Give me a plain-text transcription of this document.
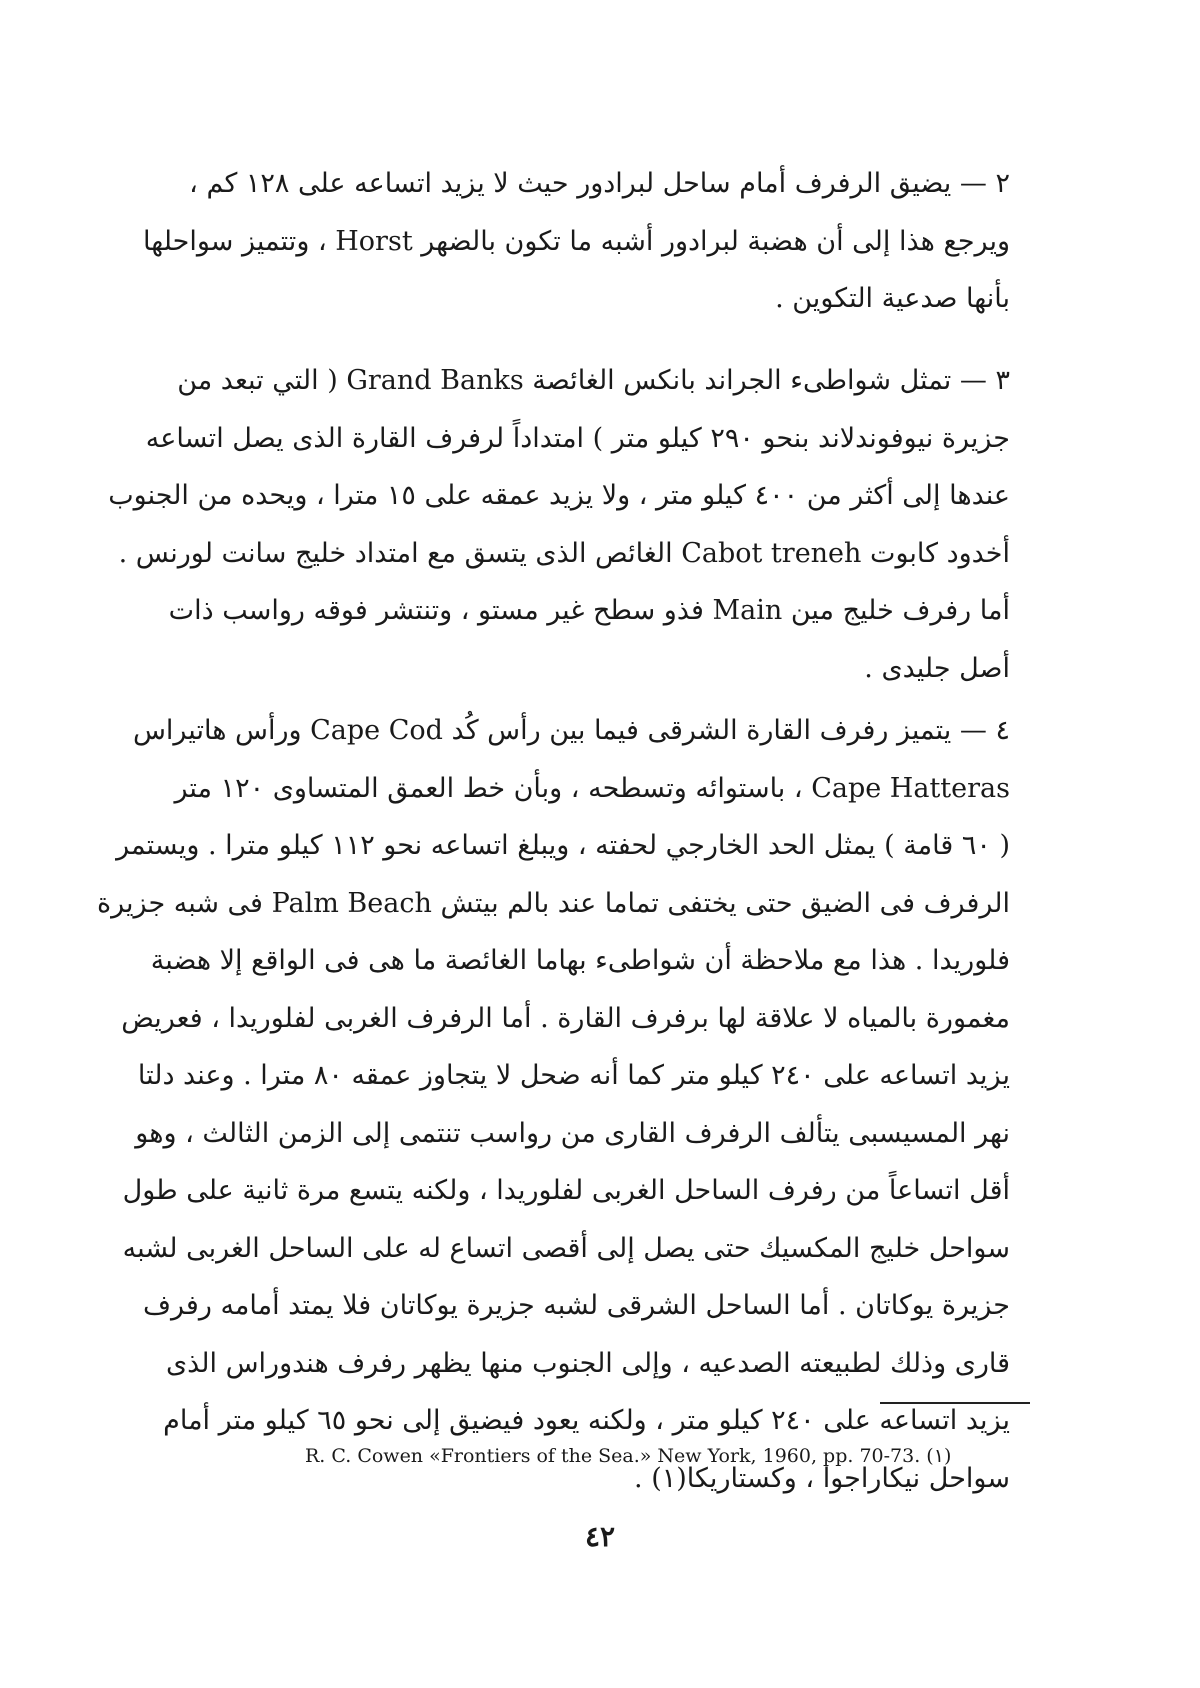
٢ — يضيق الرفرف أمام ساحل لبرادور حيث لا يزيد اتساعه على ١٢٨ كم ،
ويرجع هذا إلى أن هضبة لبرادور أشبه ما تكون بالضهر Horst ، وتتميز سواحلها
بأنها صدعية التكوين .
٣ — تمثل شواطىء الجراند بانكس الغائصة Grand Banks ( التي تبعد من
جزيرة نيوفوندلاند بنحو ٢٩٠ كيلو متر ) امتداداً لرفرف القارة الذى يصل اتساعه
عندها إلى أكثر من ٤٠٠ كيلو متر ، ولا يزيد عمقه على ١٥ مترا ، ويحده من الجنوب
أخدود كابوت Cabot treneh الغائص الذى يتسق مع امتداد خليج سانت لورنس .
أما رفرف خليج مين Main فذو سطح غير مستو ، وتنتشر فوقه رواسب ذات
أصل جليدى .
٤ — يتميز رفرف القارة الشرقى فيما بين رأس كُد Cape Cod ورأس هاتيراس
Cape Hatteras ، باستوائه وتسطحه ، وبأن خط العمق المتساوى ١٢٠ متر
( ٦٠ قامة ) يمثل الحد الخارجي لحفته ، ويبلغ اتساعه نحو ١١٢ كيلو مترا . ويستمر
الرفرف فى الضيق حتى يختفى تماما عند بالم بيتش Palm Beach فى شبه جزيرة
فلوريدا . هذا مع ملاحظة أن شواطىء بهاما الغائصة ما هى فى الواقع إلا هضبة
مغمورة بالمياه لا علاقة لها برفرف القارة . أما الرفرف الغربى لفلوريدا ، فعريض
يزيد اتساعه على ٢٤٠ كيلو متر كما أنه ضحل لا يتجاوز عمقه ٨٠ مترا . وعند دلتا
نهر المسيسبى يتألف الرفرف القارى من رواسب تنتمى إلى الزمن الثالث ، وهو
أقل اتساعاً من رفرف الساحل الغربى لفلوريدا ، ولكنه يتسع مرة ثانية على طول
سواحل خليج المكسيك حتى يصل إلى أقصى اتساع له على الساحل الغربى لشبه
جزيرة يوكاتان . أما الساحل الشرقى لشبه جزيرة يوكاتان فلا يمتد أمامه رفرف
قارى وذلك لطبيعته الصدعيه ، وإلى الجنوب منها يظهر رفرف هندوراس الذى
يزيد اتساعه على ٢٤٠ كيلو متر ، ولكنه يعود فيضيق إلى نحو ٦٥ كيلو متر أمام
سواحل نيكاراجوا ، وكستاريكا(١) .
R. C. Cowen «Frontiers of the Sea.» New York, 1960, pp. 70-73. (١)
٤٢
